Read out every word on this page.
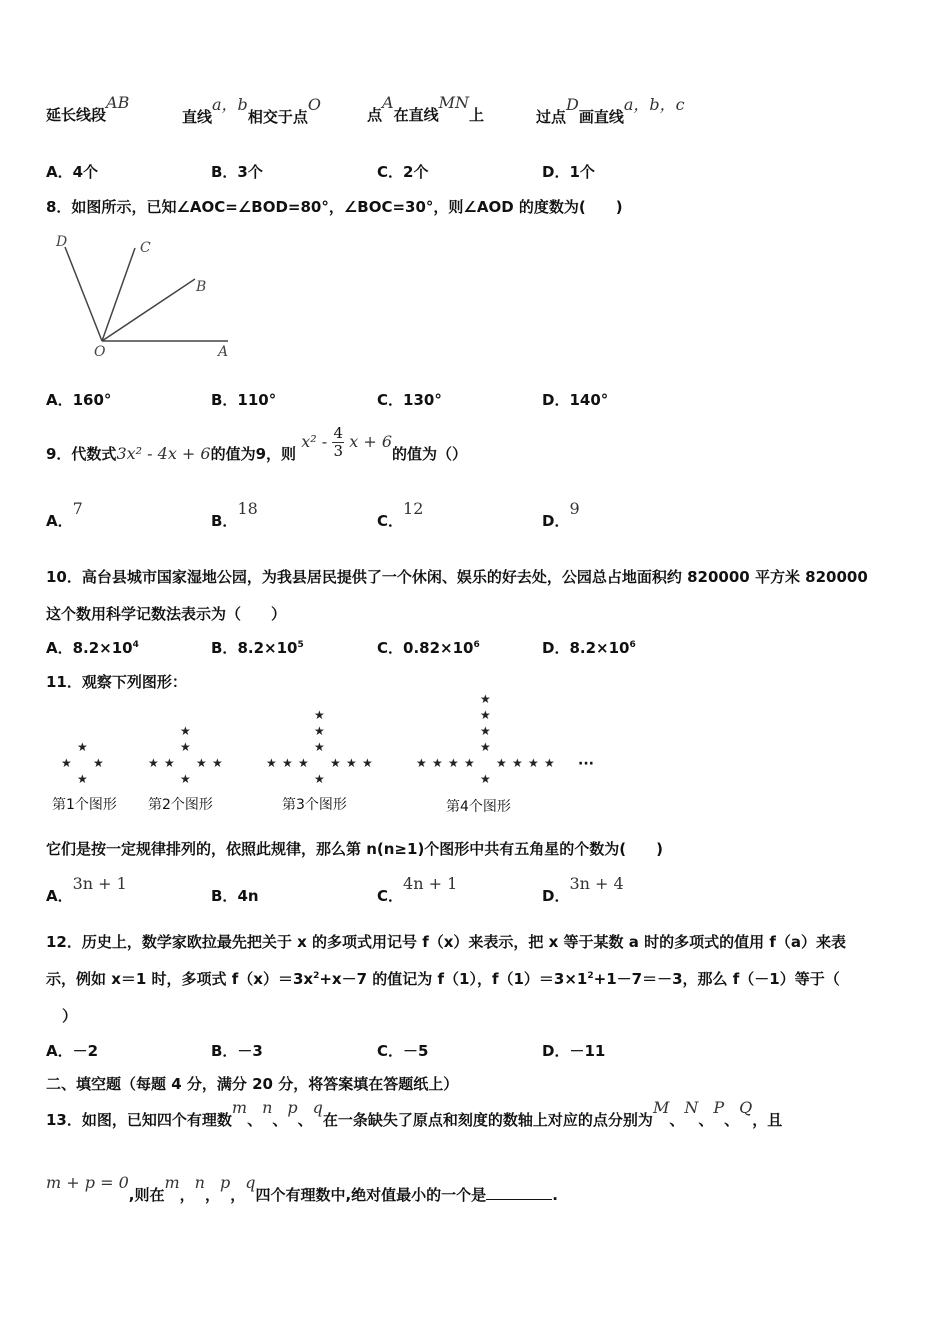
延长线段AB
直线a，b相交于点O
点A在直线MN上	过点D画直线a，b，c
A．4个	B．3个	C．2个	D．1个
8．如图所示，已知∠AOC=∠BOD=80°，∠BOC=30°，则∠AOD 的度数为(　　)
D	C
B
O	A
A．160°	B．110°	C．130°	D．140°
9．代数式3x² - 4x + 6的值为9，则 $x^2 - \frac{4}{3}$ x + 6的值为（）
A．7
B．18
C．12
D．9
10．高台县城市国家湿地公园，为我县居民提供了一个休闲、娱乐的好去处，公园总占地面积约 820000 平方米 820000
这个数用科学记数法表示为（　　）
A．$8.2\times 10^4$	B．$8.2\times 10^5$	C．$0.82\times 10^6$	D．$8.2\times 10^6$
11．观察下列图形：
★
★ ★
★
★
★
★ ★
★	★
★
★
★
★
★ ★
★	★
★	★
★
★
★
★
★
★ ★
★	★
★	★
★	★
★
第1个图形 第2个图形	第3个图形	第4个图形
···
它们是按一定规律排列的，依照此规律，那么第 n(n≥1)个图形中共有五角星的个数为(　　)
A．3n + 1
B．4n	C．4n + 1
D．3n + 4
12．历史上，数学家欧拉最先把关于 x 的多项式用记号 f（x）来表示，把 x 等于某数 a 时的多项式的值用 f（a）来表
示，例如 x＝1 时，多项式 $f(x)=3x^2+x-7$ 的值记为 f（1），$f(1)=3\times 1^2+1-7=-3$，那么 f（－1）等于（
）
A．－2	B．－3	C．－5	D．－11
二、填空题（每题 4 分，满分 20 分，将答案填在答题纸上）
13．如图，已知四个有理数m、n、p、q在一条缺失了原点和刻度的数轴上对应的点分别为M、N、P、Q，且
m + p = 0,则在m，n，p，q四个有理数中,绝对值最小的一个是	.
